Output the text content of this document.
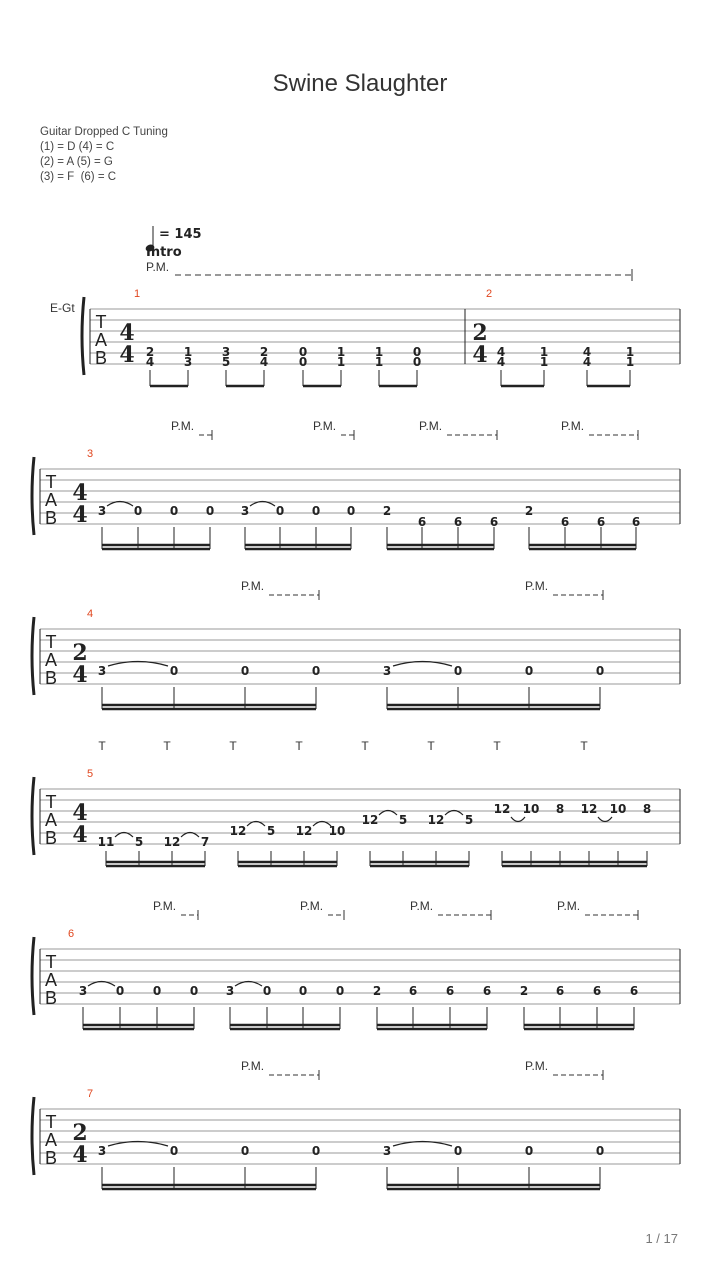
Swine Slaughter
Guitar Dropped C Tuning
(1) = D (4) = C
(2) = A (5) = G
(3) = F  (6) = C
= 145
Intro
P.M.
E-Gt
T
A
B
1	2
4
4
2
4
2
4
1
3
3
5
2
4
0
0
1
1
1
1
0
0
4
4
1
1
4
4
1
1
T
A
B
3
4
4 3 0 0 0 3 0 0 0 2
6 6 6
2
6 6 6
P.M.	P.M.	P.M.	P.M.
T
A
B
4
2
4 3	0	0	0	3	0	0	0
P.M.	P.M.
T
A
B
5
4
4 11 5 12 7
12 5 12 10
12 5 12 5
12 10 8 12 10 8
T	T	T	T	T	T	T	T
T
A
B
6
3 0 0 0 3 0 0 0 2 6 6 6 2 6 6 6
P.M.	P.M.	P.M.	P.M.
T
A
B
7
2
4 3	0	0	0	3	0	0	0
P.M.	P.M.
1 / 17
